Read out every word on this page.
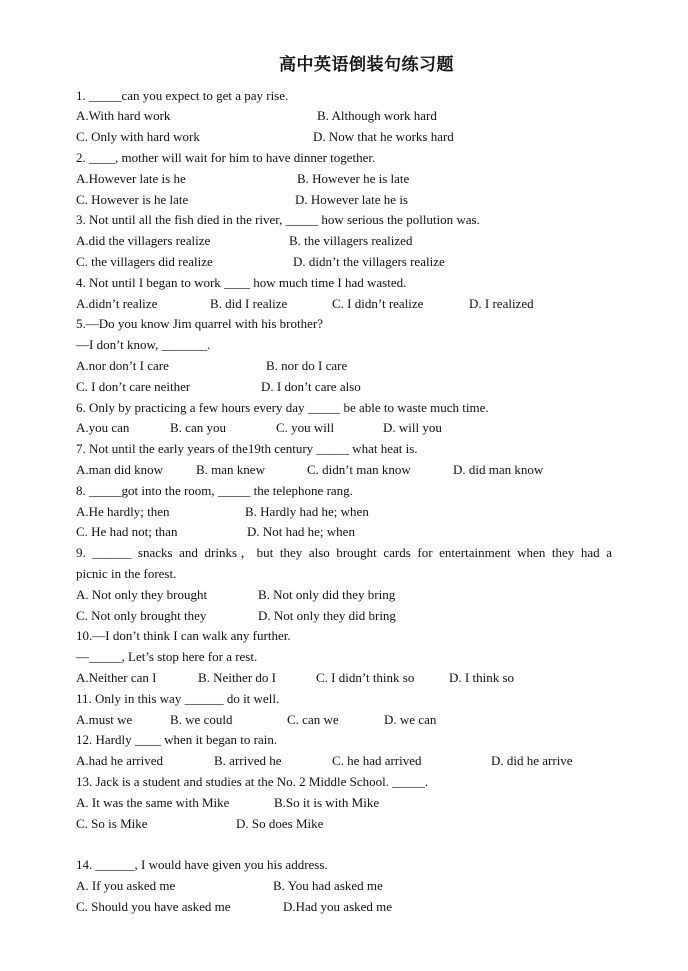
高中英语倒装句练习题
1. _____can you expect to get a pay rise.
A.With hard work	B. Although work hard
C. Only with hard work	D. Now that he works hard
2. ____, mother will wait for him to have dinner together.
A.However late is he	B. However he is late
C. However is he late	D. However late he is
3. Not until all the fish died in the river, _____ how serious the pollution was.
A.did the villagers realize	B. the villagers realized
C. the villagers did realize	D. didn’t the villagers realize
4. Not until I began to work ____ how much time I had wasted.
A.didn’t realize	B. did I realize	C. I didn’t realize	D. I realized
5.—Do you know Jim quarrel with his brother?
—I don’t know, _______.
A.nor don’t I care	B. nor do I care
C. I don’t care neither	D. I don’t care also
6. Only by practicing a few hours every day _____ be able to waste much time.
A.you can	B. can you	C. you will	D. will you
7. Not until the early years of the19th century _____ what heat is.
A.man did know	B. man knew	C. didn’t man know	D. did man know
8. _____got into the room, _____ the telephone rang.
A.He hardly; then	B. Hardly had he; when
C. He had not; than	D. Not had he; when
9. ______ snacks and drinks，but they also brought cards for entertainment when they had a
picnic in the forest.
A. Not only they brought	B. Not only did they bring
C. Not only brought they	D. Not only they did bring
10.—I don’t think I can walk any further.
—_____, Let’s stop here for a rest.
A.Neither can I	B. Neither do I	C. I didn’t think so	D. I think so
11. Only in this way ______ do it well.
A.must we	B. we could	C. can we	D. we can
12. Hardly ____ when it began to rain.
A.had he arrived	B. arrived he	C. he had arrived	D. did he arrive
13. Jack is a student and studies at the No. 2 Middle School. _____.
A. It was the same with Mike	B.So it is with Mike
C. So is Mike	D. So does Mike
14. ______, I would have given you his address.
A. If you asked me	B. You had asked me
C. Should you have asked me	D.Had you asked me
